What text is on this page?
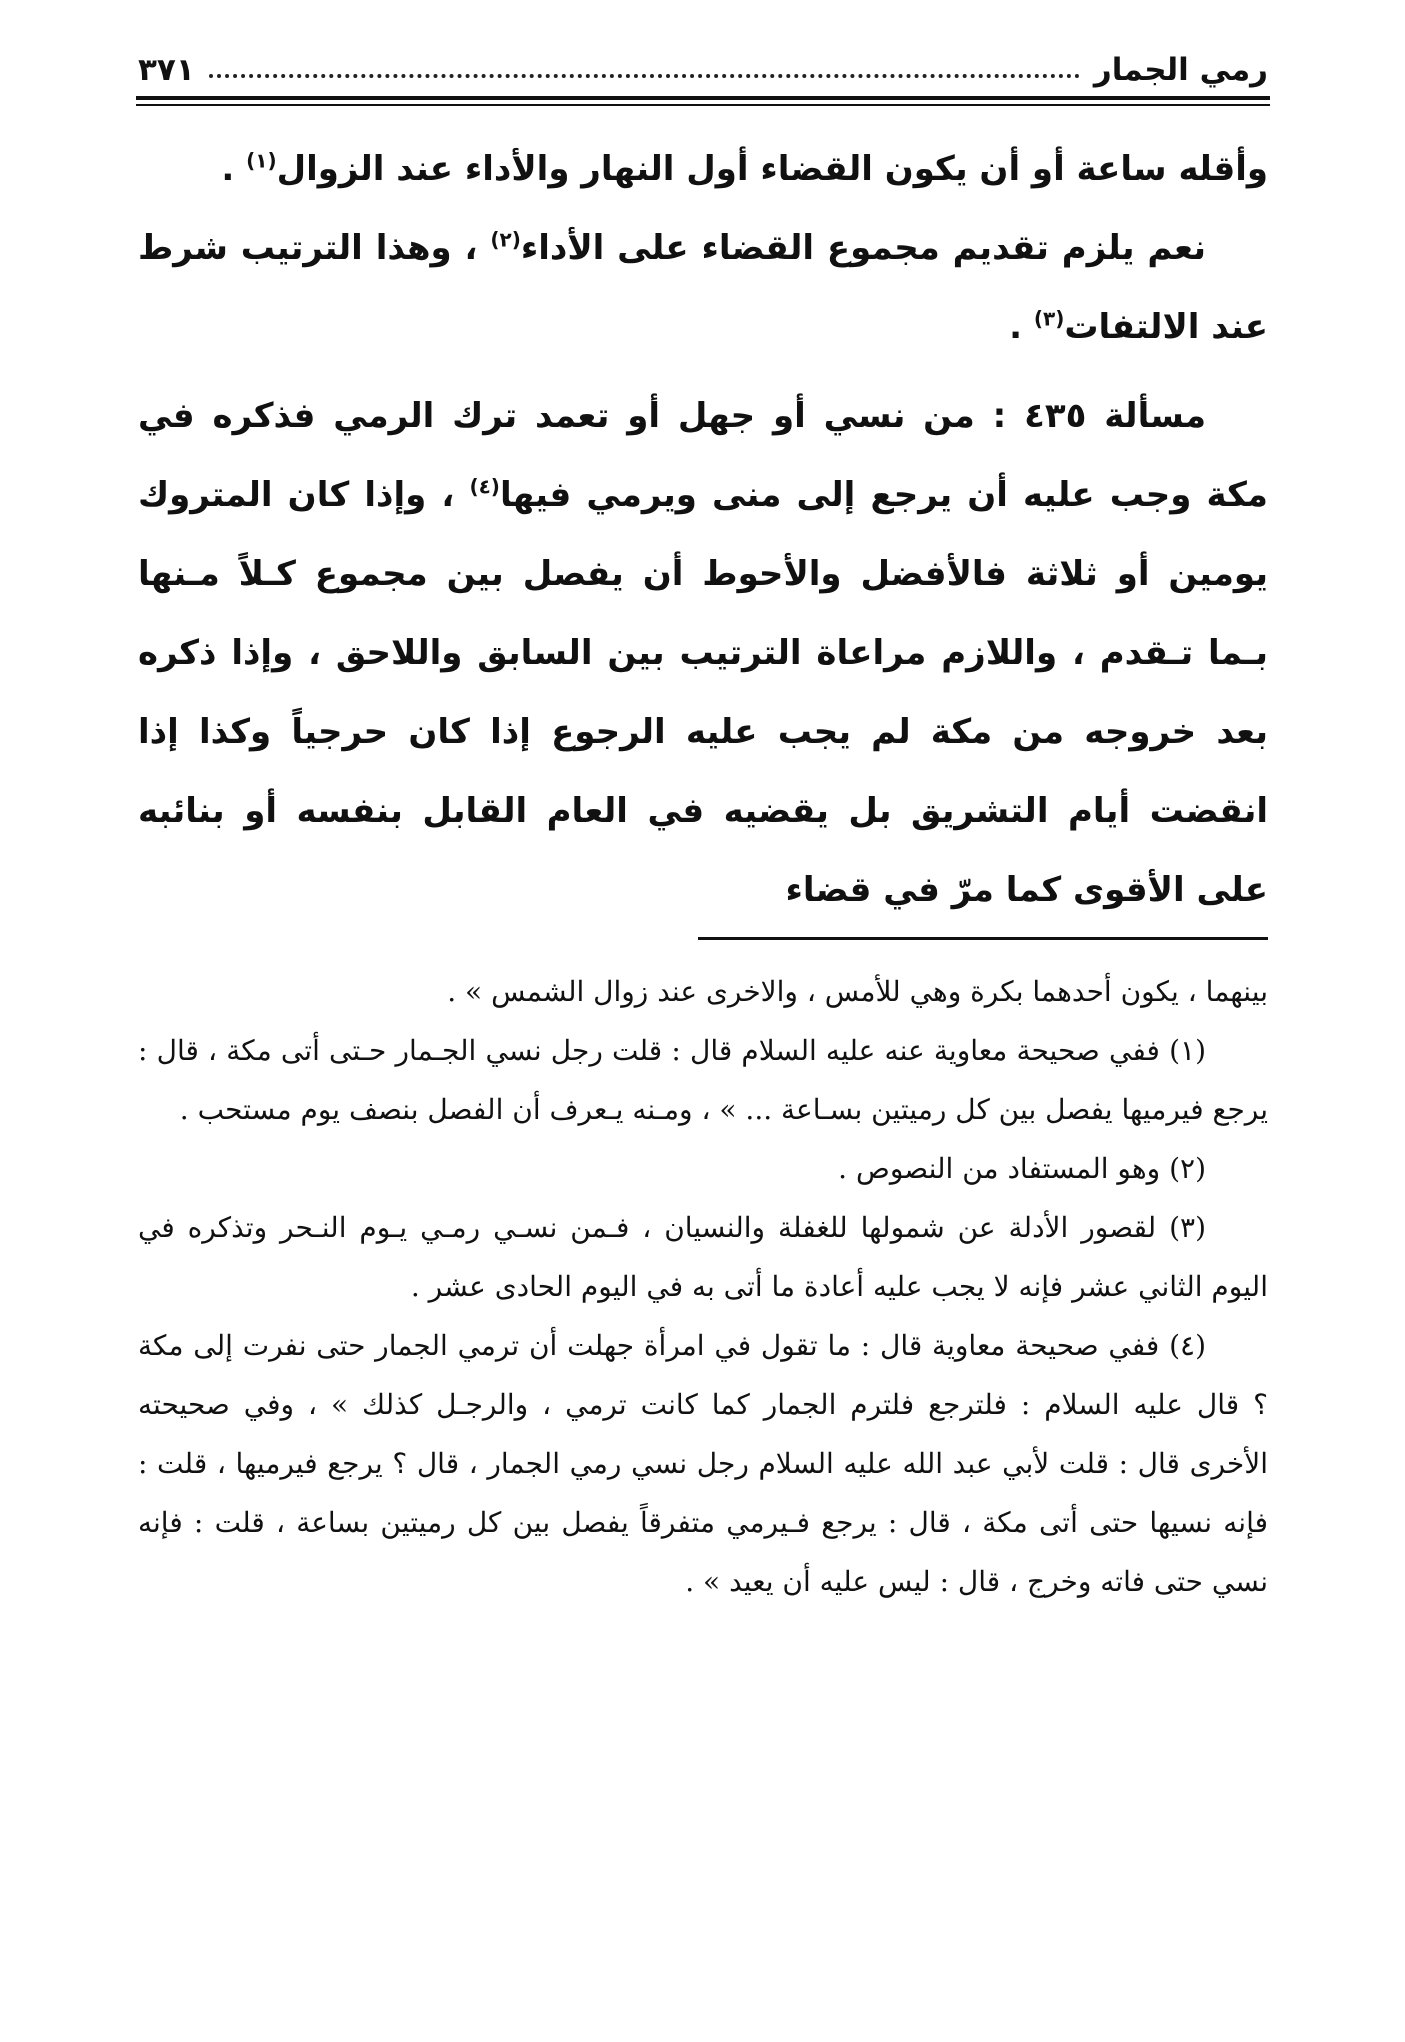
رمي الجمار
٣٧١

وأقله ساعة أو أن يكون القضاء أول النهار والأداء عند الزوال$^{(١)}$ .

نعم يلزم تقديم مجموع القضاء على الأداء$^{(٢)}$ ، وهذا الترتيب شرط عند الالتفات$^{(٣)}$ .

مسألة ٤٣٥ : من نسي أو جهل أو تعمد ترك الرمي فذكره في مكة وجب عليه أن يرجع إلى منى ويرمي فيها$^{(٤)}$ ، وإذا كان المتروك يومين أو ثلاثة فالأفضل والأحوط أن يفصل بين مجموع كـلاً مـنها بـما تـقدم ، واللازم مراعاة الترتيب بين السابق واللاحق ، وإذا ذكره بعد خروجه من مكة لم يجب عليه الرجوع إذا كان حرجياً وكذا إذا انقضت أيام التشريق بل يقضيه في العام القابل بنفسه أو بنائبه على الأقوى كما مرّ في قضاء

بينهما ، يكون أحدهما بكرة وهي للأمس ، والاخرى عند زوال الشمس » .

(١) ففي صحيحة معاوية عنه عليه السلام قال : قلت رجل نسي الجـمار حـتى أتى مكة ، قال : يرجع فيرميها يفصل بين كل رميتين بسـاعة ... » ، ومـنه يـعرف أن الفصل بنصف يوم مستحب .

(٢) وهو المستفاد من النصوص .

(٣) لقصور الأدلة عن شمولها للغفلة والنسيان ، فـمن نسـي رمـي يـوم النـحر وتذكره في اليوم الثاني عشر فإنه لا يجب عليه أعادة ما أتى به في اليوم الحادى عشر .

(٤) ففي صحيحة معاوية قال : ما تقول في امرأة جهلت أن ترمي الجمار حتى نفرت إلى مكة ؟ قال عليه السلام : فلترجع فلترم الجمار كما كانت ترمي ، والرجـل كذلك » ، وفي صحيحته الأخرى قال : قلت لأبي عبد الله عليه السلام رجل نسي رمي الجمار ، قال ؟ يرجع فيرميها ، قلت : فإنه نسيها حتى أتى مكة ، قال : يرجع فـيرمي متفرقاً يفصل بين كل رميتين بساعة ، قلت : فإنه نسي حتى فاته وخرج ، قال : ليس عليه أن يعيد » .
